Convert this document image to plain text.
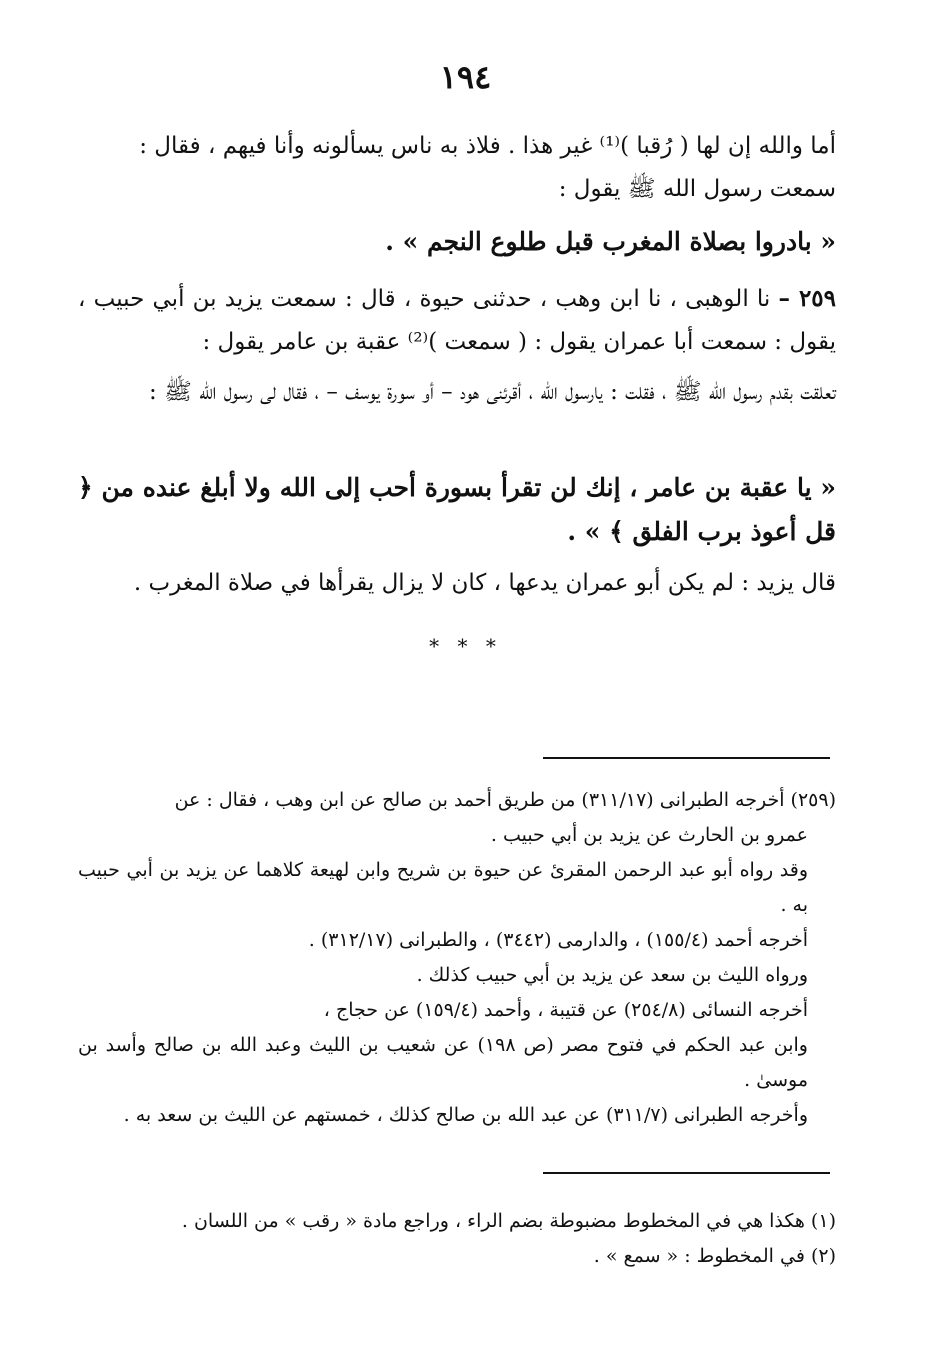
١٩٤
أما والله إن لها ( رُقبا )⁽¹⁾ غير هذا . فلاذ به ناس يسألونه وأنا فيهم ، فقال :
سمعت رسول الله ﷺ يقول :
« بادروا بصلاة المغرب قبل طلوع النجم » .
٢٥٩ – نا الوهبى ، نا ابن وهب ، حدثنى حيوة ، قال : سمعت يزيد بن أبي حبيب ، يقول : سمعت أبا عمران يقول : ( سمعت )⁽²⁾ عقبة بن عامر يقول :
تعلقت بقدم رسول الله ﷺ ، فقلت : يارسول الله ، أقرئنى هود – أو سورة يوسف – ، فقال لى رسول الله ﷺ :
« يا عقبة بن عامر ، إنك لن تقرأ بسورة أحب إلى الله ولا أبلغ عنده من ﴿ قل أعوذ برب الفلق ﴾ » .
قال يزيد : لم يكن أبو عمران يدعها ، كان لا يزال يقرأها في صلاة المغرب .
* * *
(٢٥٩) أخرجه الطبرانى (٣١١/١٧) من طريق أحمد بن صالح عن ابن وهب ، فقال : عن
عمرو بن الحارث عن يزيد بن أبي حبيب .
وقد رواه أبو عبد الرحمن المقرئ عن حيوة بن شريح وابن لهيعة كلاهما عن يزيد بن أبي حبيب به .
أخرجه أحمد (١٥٥/٤) ، والدارمى (٣٤٤٢) ، والطبرانى (٣١٢/١٧) .
ورواه الليث بن سعد عن يزيد بن أبي حبيب كذلك .
أخرجه النسائى (٢٥٤/٨) عن قتيبة ، وأحمد (١٥٩/٤) عن حجاج ،
وابن عبد الحكم في فتوح مصر (ص ١٩٨) عن شعيب بن الليث وعبد الله بن صالح وأسد بن موسىٰ .
وأخرجه الطبرانى (٣١١/٧) عن عبد الله بن صالح كذلك ، خمستهم عن الليث بن سعد به .
(١) هكذا هي في المخطوط مضبوطة بضم الراء ، وراجع مادة « رقب » من اللسان .
(٢) في المخطوط : « سمع » .
